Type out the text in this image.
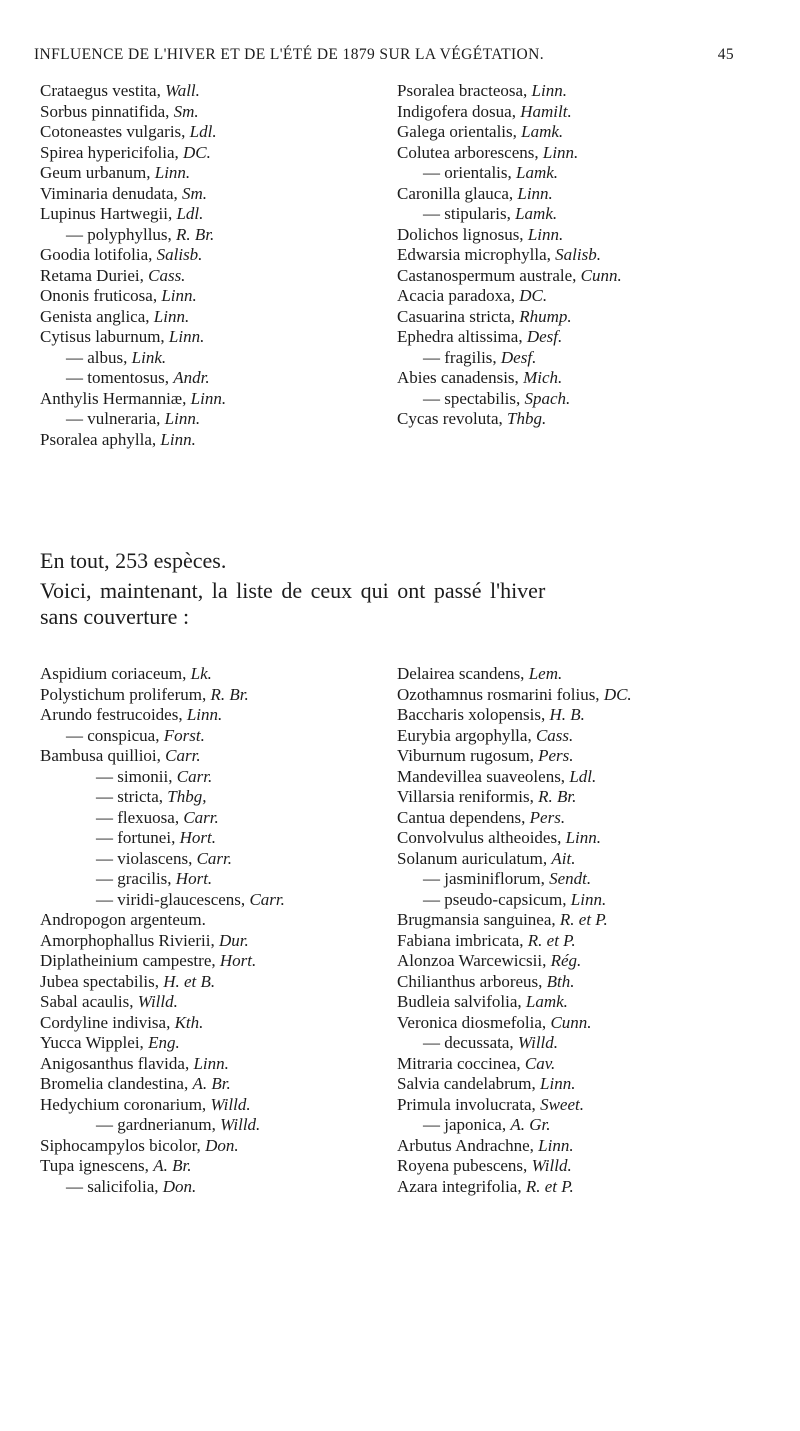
INFLUENCE DE L'HIVER ET DE L'ÉTÉ DE 1879 SUR LA VÉGÉTATION.	45
Crataegus vestita, Wall.
Sorbus pinnatifida, Sm.
Cotoneastes vulgaris, Ldl.
Spirea hypericifolia, DC.
Geum urbanum, Linn.
Viminaria denudata, Sm.
Lupinus Hartwegii, Ldl.
— polyphyllus, R. Br.
Goodia lotifolia, Salisb.
Retama Duriei, Cass.
Ononis fruticosa, Linn.
Genista anglica, Linn.
Cytisus laburnum, Linn.
— albus, Link.
— tomentosus, Andr.
Anthylis Hermanniæ, Linn.
— vulneraria, Linn.
Psoralea aphylla, Linn.
Psoralea bracteosa, Linn.
Indigofera dosua, Hamilt.
Galega orientalis, Lamk.
Colutea arborescens, Linn.
— orientalis, Lamk.
Caronilla glauca, Linn.
— stipularis, Lamk.
Dolichos lignosus, Linn.
Edwarsia microphylla, Salisb.
Castanospermum australe, Cunn.
Acacia paradoxa, DC.
Casuarina stricta, Rhump.
Ephedra altissima, Desf.
— fragilis, Desf.
Abies canadensis, Mich.
— spectabilis, Spach.
Cycas revoluta, Thbg.
En tout, 253 espèces.
Voici, maintenant, la liste de ceux qui ont passé l'hiver
sans couverture :
Aspidium coriaceum, Lk.
Polystichum proliferum, R. Br.
Arundo festrucoides, Linn.
— conspicua, Forst.
Bambusa quillioi, Carr.
— simonii, Carr.
— stricta, Thbg,
— flexuosa, Carr.
— fortunei, Hort.
— violascens, Carr.
— gracilis, Hort.
— viridi-glaucescens, Carr.
Andropogon argenteum.
Amorphophallus Rivierii, Dur.
Diplatheinium campestre, Hort.
Jubea spectabilis, H. et B.
Sabal acaulis, Willd.
Cordyline indivisa, Kth.
Yucca Wipplei, Eng.
Anigosanthus flavida, Linn.
Bromelia clandestina, A. Br.
Hedychium coronarium, Willd.
— gardnerianum, Willd.
Siphocampylos bicolor, Don.
Tupa ignescens, A. Br.
— salicifolia, Don.
Delairea scandens, Lem.
Ozothamnus rosmarini folius, DC.
Baccharis xolopensis, H. B.
Eurybia argophylla, Cass.
Viburnum rugosum, Pers.
Mandevillea suaveolens, Ldl.
Villarsia reniformis, R. Br.
Cantua dependens, Pers.
Convolvulus altheoides, Linn.
Solanum auriculatum, Ait.
— jasminiflorum, Sendt.
— pseudo-capsicum, Linn.
Brugmansia sanguinea, R. et P.
Fabiana imbricata, R. et P.
Alonzoa Warcewicsii, Rég.
Chilianthus arboreus, Bth.
Budleia salvifolia, Lamk.
Veronica diosmefolia, Cunn.
— decussata, Willd.
Mitraria coccinea, Cav.
Salvia candelabrum, Linn.
Primula involucrata, Sweet.
— japonica, A. Gr.
Arbutus Andrachne, Linn.
Royena pubescens, Willd.
Azara integrifolia, R. et P.
